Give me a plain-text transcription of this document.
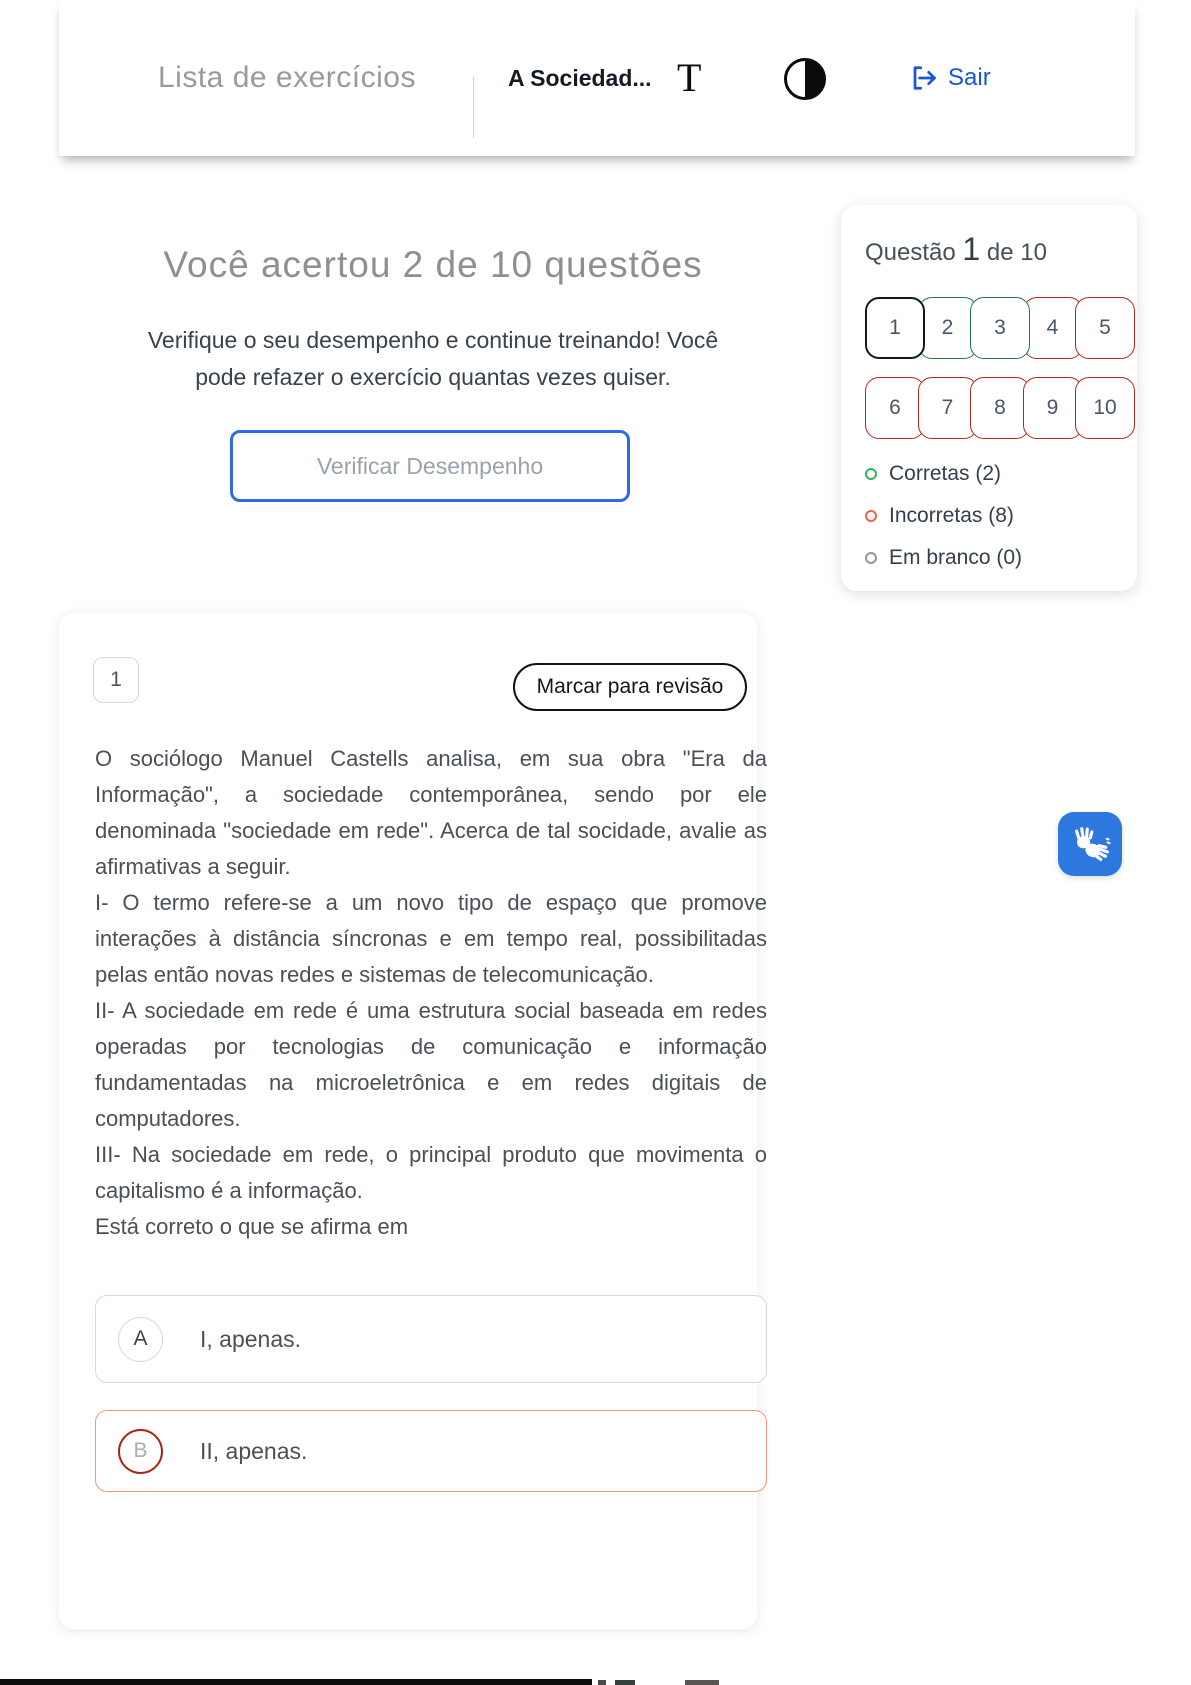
Lista de exercícios	A Sociedad... T	Sair
Você acertou 2 de 10 questões
Verifique o seu desempenho e continue treinando! Você
pode refazer o exercício quantas vezes quiser.
Verificar Desempenho
Questão 1 de 10
1	2	3	4	5
6	7	8	9	10
Corretas (2)
Incorretas (8)
Em branco (0)
1	Marcar para revisão

O sociólogo Manuel Castells analisa, em sua obra "Era da Informação", a sociedade contemporânea, sendo por ele denominada "sociedade em rede". Acerca de tal socidade, avalie as afirmativas a seguir.

I- O termo refere-se a um novo tipo de espaço que promove interações à distância síncronas e em tempo real, possibilitadas pelas então novas redes e sistemas de telecomunicação.

II- A sociedade em rede é uma estrutura social baseada em redes operadas por tecnologias de comunicação e informação fundamentadas na microeletrônica e em redes digitais de computadores.

III- Na sociedade em rede, o principal produto que movimenta o capitalismo é a informação.

Está correto o que se afirma em

A	I, apenas.
B	II, apenas.
